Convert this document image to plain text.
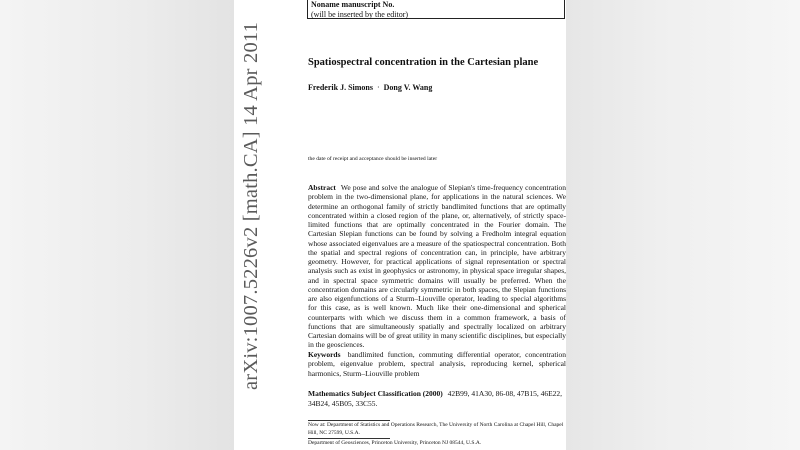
Noname manuscript No.
(will be inserted by the editor)
arXiv:1007.5226v2 [math.CA] 14 Apr 2011	Spatiospectral concentration in the Cartesian plane
Frederik J. Simons · Dong V. Wang
the date of receipt and acceptance should be inserted later
Abstract We pose and solve the analogue of Slepian's time-frequency concentration problem in the two-dimensional plane, for applications in the natural sciences. We determine an orthogonal family of strictly bandlimited functions that are optimally concentrated within a closed region of the plane, or, alternatively, of strictly space-limited functions that are optimally concentrated in the Fourier domain. The Cartesian Slepian functions can be found by solving a Fredholm integral equation whose associated eigenvalues are a measure of the spatiospectral concentration. Both the spatial and spectral regions of concentration can, in principle, have arbitrary geometry. However, for practical applications of signal representation or spectral analysis such as exist in geophysics or astronomy, in physical space irregular shapes, and in spectral space symmetric domains will usually be preferred. When the concentration domains are circularly symmetric in both spaces, the Slepian functions are also eigenfunctions of a Sturm–Liouville operator, leading to special algorithms for this case, as is well known. Much like their one-dimensional and spherical counterparts with which we discuss them in a common framework, a basis of functions that are simultaneously spatially and spectrally localized on arbitrary Cartesian domains will be of great utility in many scientific disciplines, but especially in the geosciences.
Keywords bandlimited function, commuting differential operator, concentration problem, eigenvalue problem, spectral analysis, reproducing kernel, spherical harmonics, Sturm–Liouville problem
Mathematics Subject Classification (2000) 42B99, 41A30, 86-08, 47B15, 46E22, 34B24, 45B05, 33C55.
Now at: Department of Statistics and Operations Research, The University of North Carolina at Chapel Hill, Chapel Hill, NC 27599, U.S.A.
Department of Geosciences, Princeton University, Princeton NJ 08544, U.S.A.
